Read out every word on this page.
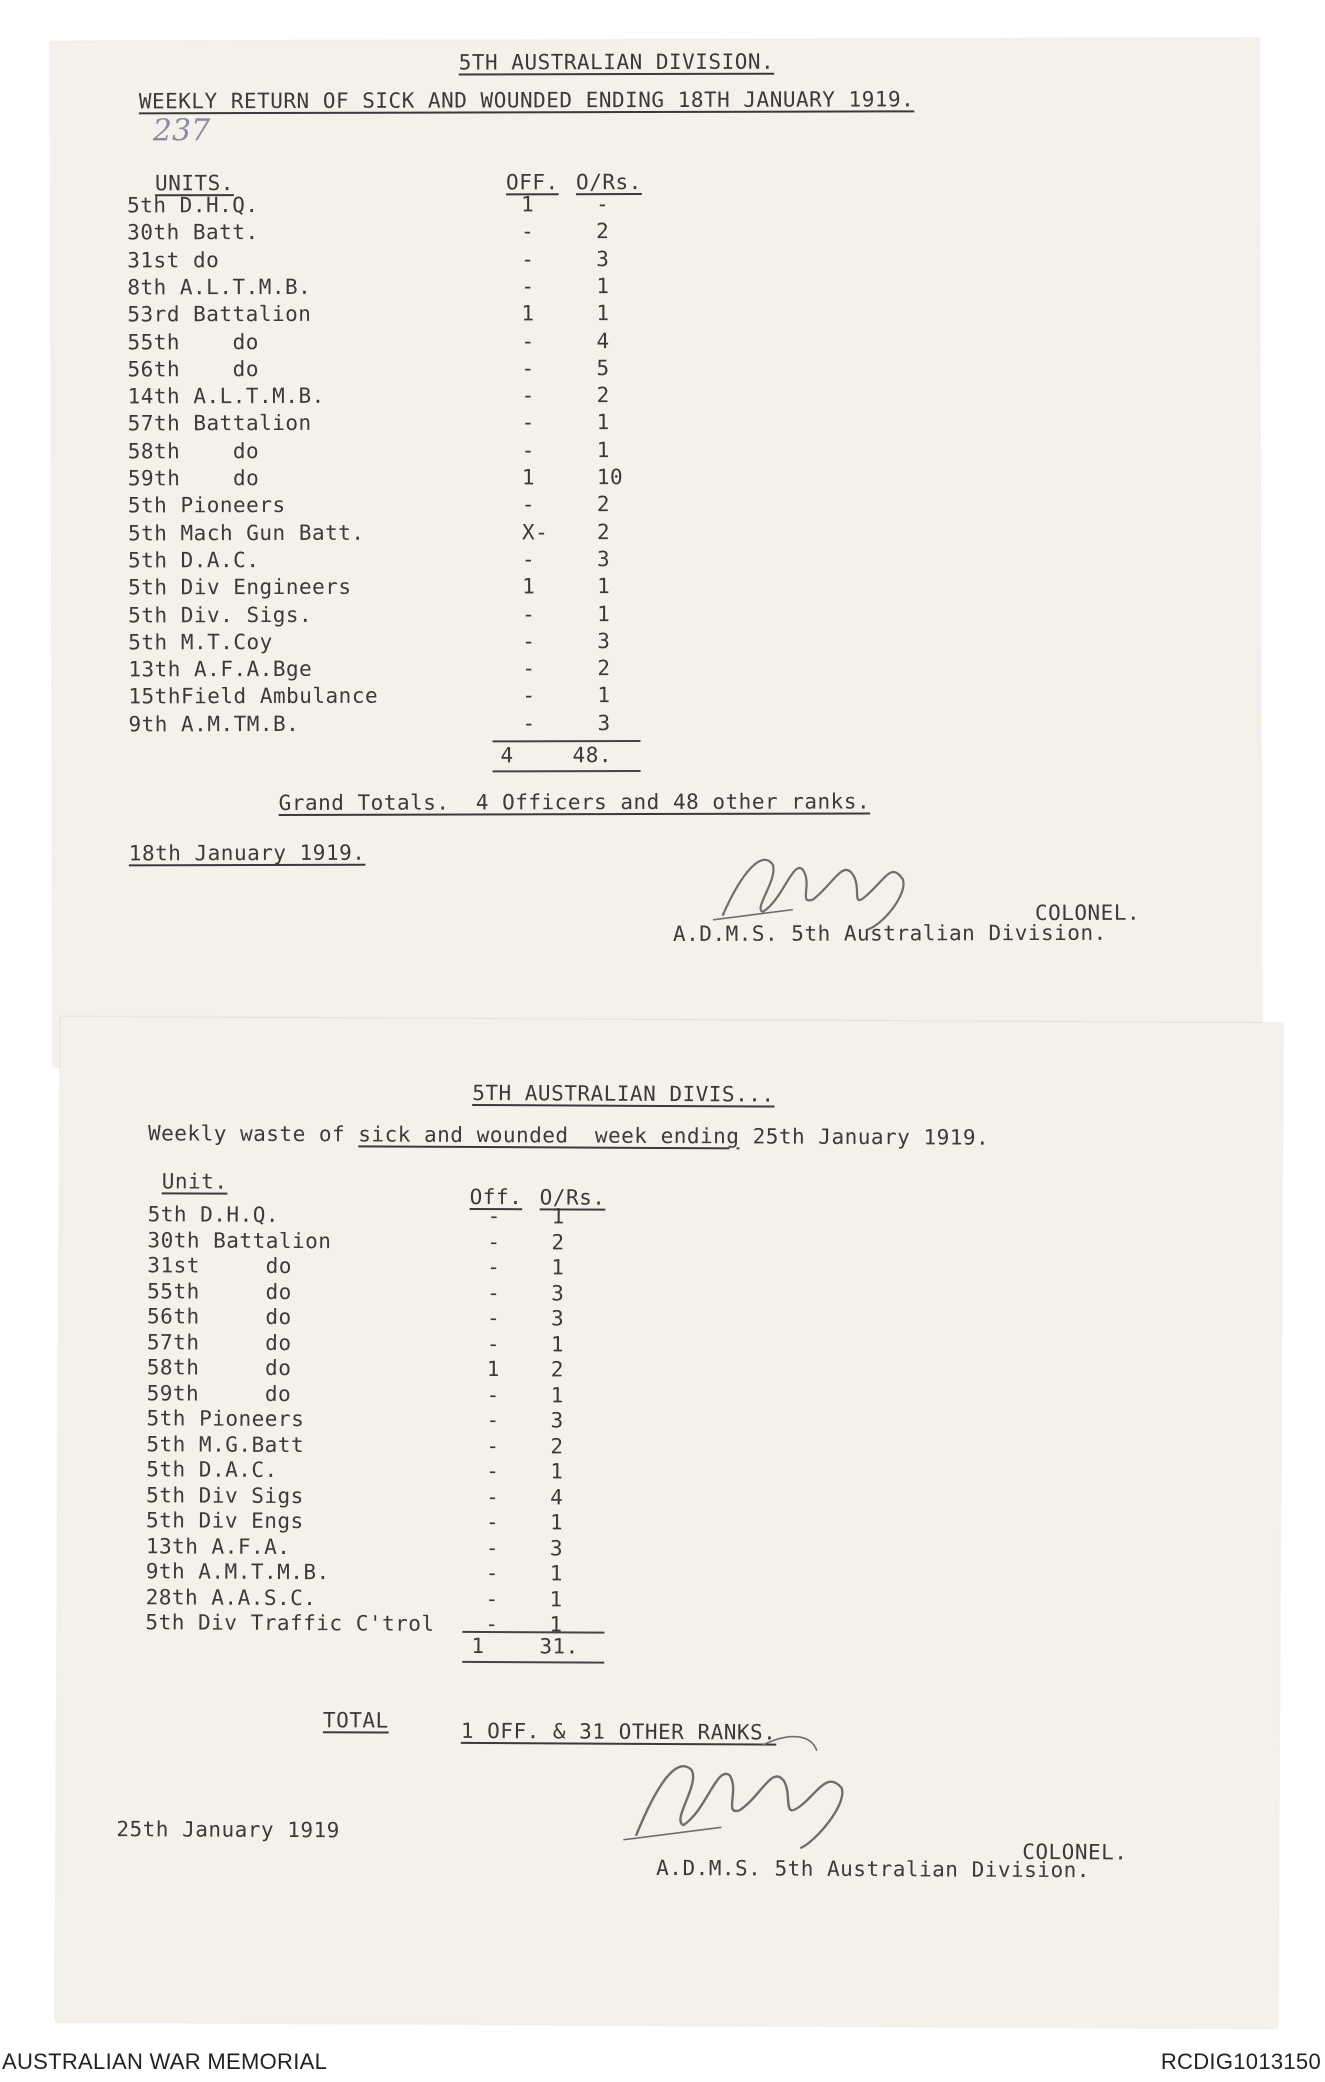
5TH AUSTRALIAN DIVISION.
WEEKLY RETURN OF SICK AND WOUNDED ENDING 18TH JANUARY 1919.
237
UNITS.	OFF. O/Rs.
5th D.H.Q.	1	-
30th Batt.	-	2
31st do	-	3
8th A.L.T.M.B.	-	1
53rd Battalion	1	1
55th    do	-	4
56th    do	-	5
14th A.L.T.M.B.	-	2
57th Battalion	-	1
58th    do	-	1
59th    do	1	10
5th Pioneers	-	2
5th Mach Gun Batt.	X- 2
5th D.A.C.	-	3
5th Div Engineers	1	1
5th Div. Sigs.	-	1
5th M.T.Coy	-	3
13th A.F.A.Bge	-	2
15thField Ambulance	-	1
9th A.M.TM.B.	-	3
4	48.
Grand Totals.  4 Officers and 48 other ranks.
18th January 1919.
COLONEL.
A.D.M.S. 5th Australian Division.
5TH AUSTRALIAN DIVIS...
Weekly waste of sick and wounded  week ending 25th January 1919.
Unit.
Off. O/Rs.
5th D.H.Q.	- 1
30th Battalion	- 2
31st     do	- 1
55th     do	- 3
56th     do	- 3
57th     do	- 1
58th     do	1 2
59th     do	- 1
5th Pioneers	- 3
5th M.G.Batt	- 2
5th D.A.C.	- 1
5th Div Sigs	- 4
5th Div Engs	- 1
13th A.F.A.	- 3
9th A.M.T.M.B.	- 1
28th A.A.S.C.	- 1
5th Div Traffic C'trol - 1
1	31.
TOTAL	1 OFF. & 31 OTHER RANKS.
25th January 1919
COLONEL.
A.D.M.S. 5th Australian Division.
AUSTRALIAN WAR MEMORIAL	RCDIG1013150
